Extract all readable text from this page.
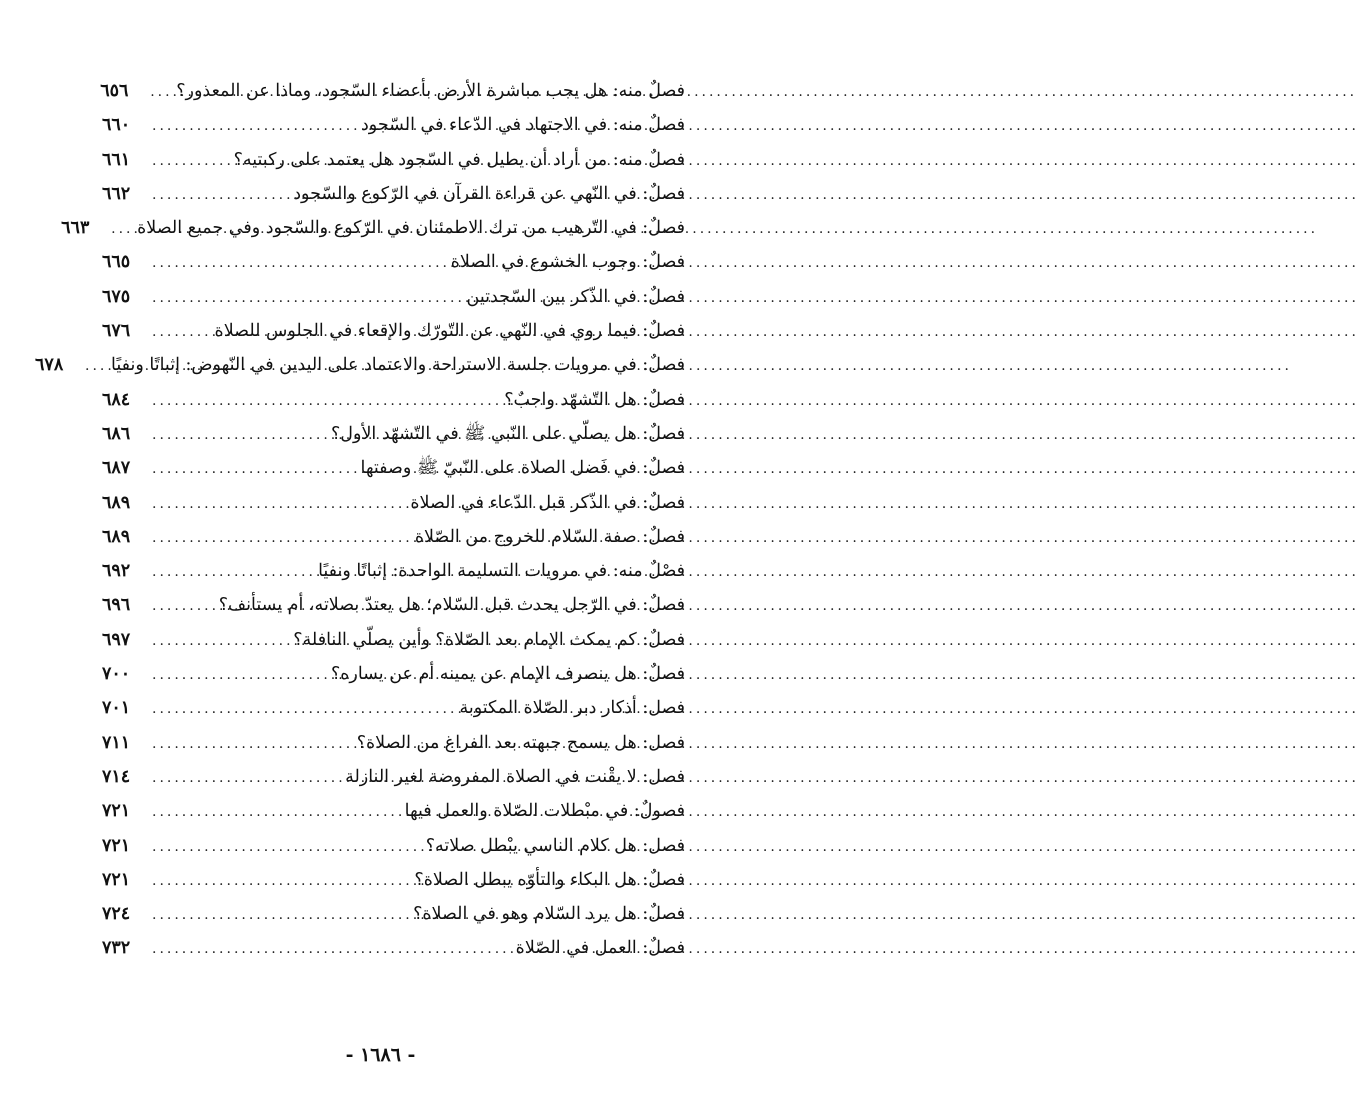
فصلٌ منه: هل يجب مباشرة الأرض بأعضاء السّجود، وماذا عن المعذور؟
.....
٦٥٦
فصلٌ منه: في الاجتهاد في الدّعاء في السّجود
.....
٦٦٠
فصلٌ منه: من أراد أن يطيل في السّجود هل يعتمد على ركبتيه؟
.....
٦٦١
فصلٌ: في النّهي عن قراءة القرآن في الرّكوع والسّجود
.....
٦٦٢
فصلٌ: في التّرهيب من ترك الاطمئنان في الرّكوع والسّجود وفي جميع الصلاة
.....
٦٦٣
فصلٌ: وجوب الخشوع في الصلاة
.....
٦٦٥
فصلٌ: في الذّكر بين السّجدتين
.....
٦٧٥
فصلٌ: فيما روي في النّهي عن التّورّك والإقعاء في الجلوس للصلاة
.....
٦٧٦
فصلٌ: في مرويات جلسة الاستراحة والاعتماد على اليدين في النّهوض: إثباتًا ونفيًا
.....
٦٧٨
فصلٌ: هل التّشهّد واجبٌ؟
.....
٦٨٤
فصلٌ: هل يصلّي على النّبي ﷺ في التّشهّد الأول؟
.....
٦٨٦
فصلٌ: في فَضل الصلاة على النّبيّ ﷺ وصفتها
.....
٦٨٧
فصلٌ: في الذّكر قبل الدّعاء في الصلاة
.....
٦٨٩
فصلٌ: صفة السّلام للخروج من الصّلاة
.....
٦٨٩
فصْلٌ منه: في مرويات التسليمة الواحدة: إثباتًا ونفيًا
.....
٦٩٢
فصلٌ: في الرّجل يحدث قبل السّلام؛ هل يعتدّ بصلاته، أم يستأنف؟
.....
٦٩٦
فصلٌ: كم يمكث الإمام بعد الصّلاة؟ وأين يصلّي النافلة؟
.....
٦٩٧
فصلٌ: هل ينصرف الإمام عن يمينه أم عن يساره؟
.....
٧٠٠
فصل: أذكار دبر الصّلاة المكتوبة
.....
٧٠١
فصل: هل يسمح جبهته بعد الفراغ من الصلاة؟
.....
٧١١
فصل: لا يقْنت في الصلاة المفروضة لغير النازلة
.....
٧١٤
فصولٌ: في مبْطلات الصّلاة والعمل فيها
.....
٧٢١
فصل: هل كلام الناسي يبْطل صلاته؟
.....
٧٢١
فصلٌ: هل البكاء والتأوّه يبطل الصلاة؟
.....
٧٢١
فصلٌ: هل يرد السّلام وهو في الصلاة؟
.....
٧٢٤
فصلٌ: العمل في الصّلاة
.....
٧٣٢
- ١٦٨٦ -
